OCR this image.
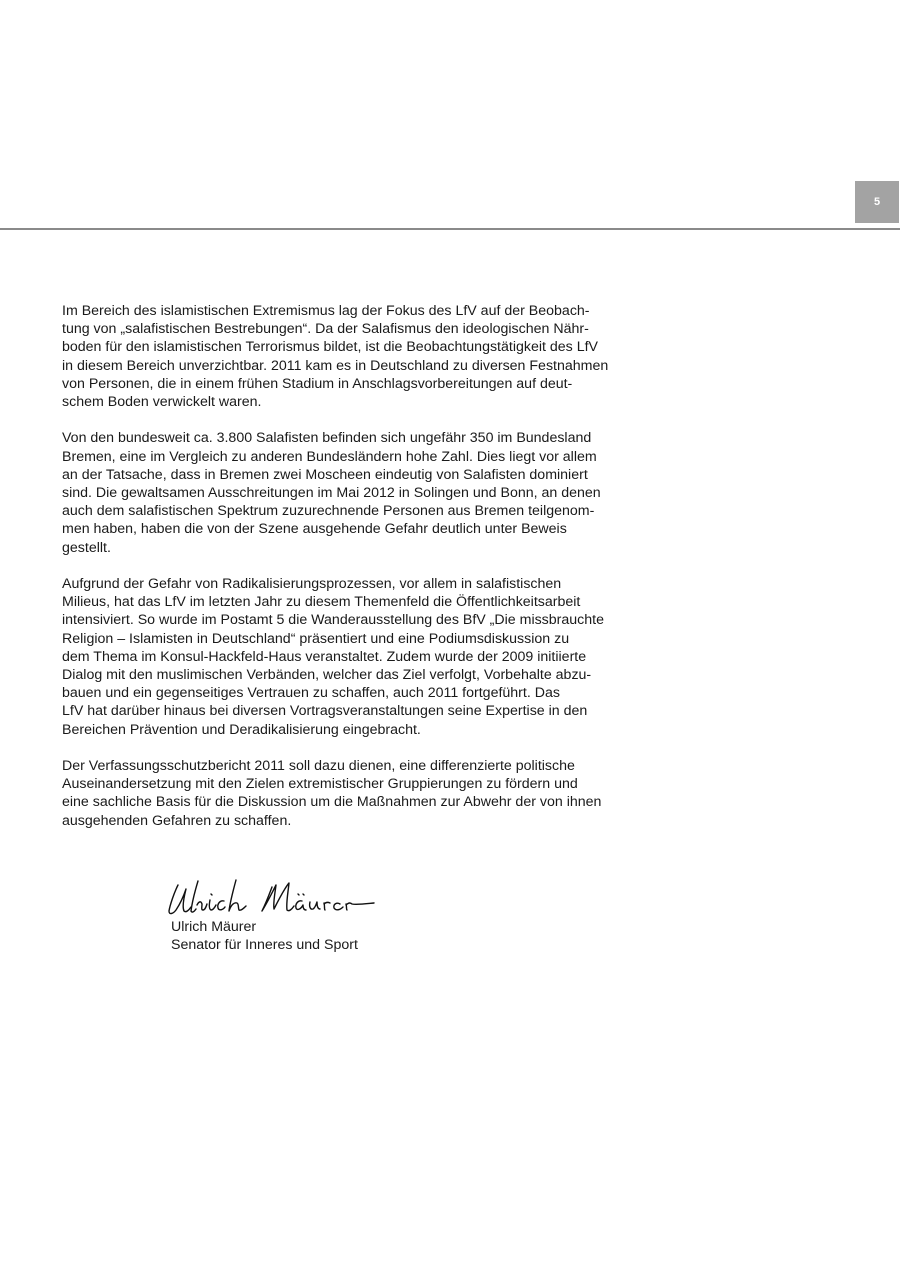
5

Im Bereich des islamistischen Extremismus lag der Fokus des LfV auf der Beobach-
tung von „salafistischen Bestrebungen“. Da der Salafismus den ideologischen Nähr-
boden für den islamistischen Terrorismus bildet, ist die Beobachtungstätigkeit des LfV
in diesem Bereich unverzichtbar. 2011 kam es in Deutschland zu diversen Festnahmen
von Personen, die in einem frühen Stadium in Anschlagsvorbereitungen auf deut-
schem Boden verwickelt waren.

Von den bundesweit ca. 3.800 Salafisten befinden sich ungefähr 350 im Bundesland
Bremen, eine im Vergleich zu anderen Bundesländern hohe Zahl. Dies liegt vor allem
an der Tatsache, dass in Bremen zwei Moscheen eindeutig von Salafisten dominiert
sind. Die gewaltsamen Ausschreitungen im Mai 2012 in Solingen und Bonn, an denen
auch dem salafistischen Spektrum zuzurechnende Personen aus Bremen teilgenom-
men haben, haben die von der Szene ausgehende Gefahr deutlich unter Beweis
gestellt.

Aufgrund der Gefahr von Radikalisierungsprozessen, vor allem in salafistischen
Milieus, hat das LfV im letzten Jahr zu diesem Themenfeld die Öffentlichkeitsarbeit
intensiviert. So wurde im Postamt 5 die Wanderausstellung des BfV „Die missbrauchte
Religion – Islamisten in Deutschland“ präsentiert und eine Podiumsdiskussion zu
dem Thema im Konsul-Hackfeld-Haus veranstaltet. Zudem wurde der 2009 initiierte
Dialog mit den muslimischen Verbänden, welcher das Ziel verfolgt, Vorbehalte abzu-
bauen und ein gegenseitiges Vertrauen zu schaffen, auch 2011 fortgeführt. Das
LfV hat darüber hinaus bei diversen Vortragsveranstaltungen seine Expertise in den
Bereichen Prävention und Deradikalisierung eingebracht.

Der Verfassungsschutzbericht 2011 soll dazu dienen, eine differenzierte politische
Auseinandersetzung mit den Zielen extremistischer Gruppierungen zu fördern und
eine sachliche Basis für die Diskussion um die Maßnahmen zur Abwehr der von ihnen
ausgehenden Gefahren zu schaffen.

Ulrich Mäurer
Senator für Inneres und Sport
